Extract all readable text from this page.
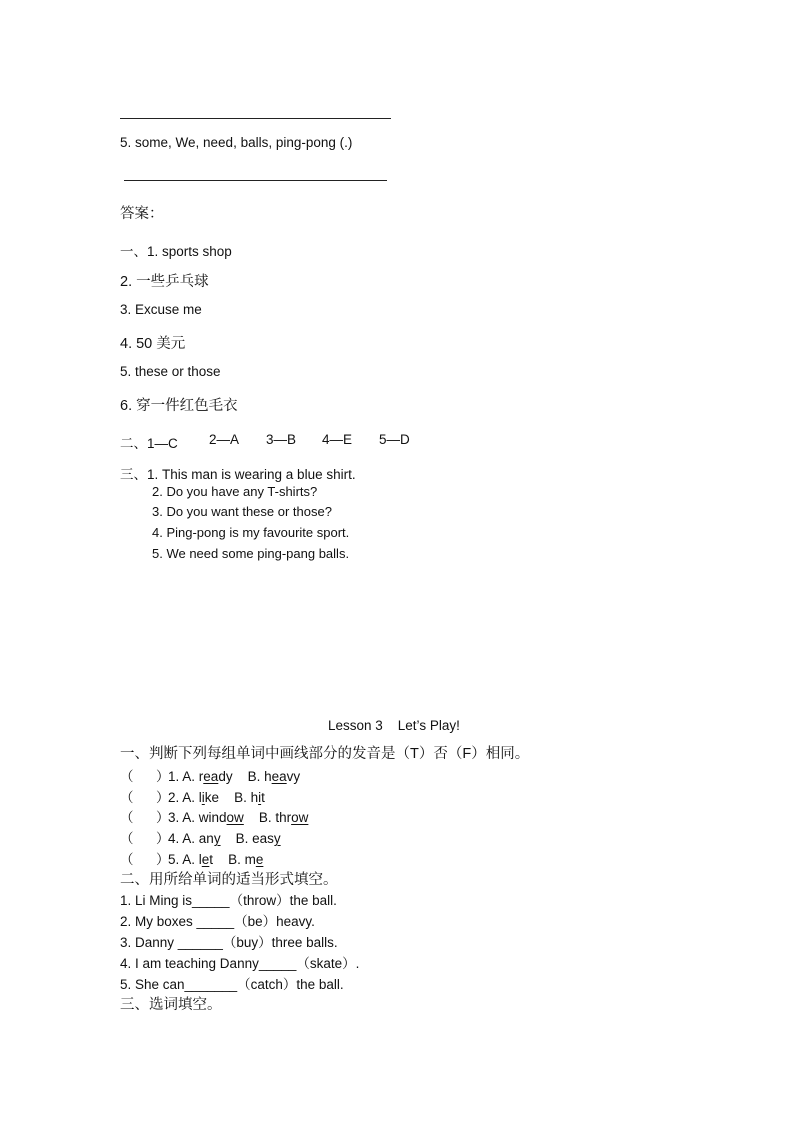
5. some, We, need, balls, ping-pong (.)
答案：
一、1. sports shop
2. 一些乒乓球
3. Excuse me
4. 50 美元
5. these or those
6. 穿一件红色毛衣
二、1—C 2—A 3—B 4—E 5—D
三、1. This man is wearing a blue shirt.
2. Do you have any T-shirts?
3. Do you want these or those?
4. Ping-pong is my favourite sport.
5. We need some ping-pang balls.
Lesson 3    Let’s Play!
一、判断下列每组单词中画线部分的发音是（T）否（F）相同。
（      ）1. A. ready B. heavy
（      ）2. A. like B. hit
（      ）3. A. window B. throw
（      ）4. A. any B. easy
（      ）5. A. let B. me
二、用所给单词的适当形式填空。
1. Li Ming is_____（throw）the ball.
2. My boxes _____（be）heavy.
3. Danny ______（buy）three balls.
4. I am teaching Danny_____（skate）.
5. She can_______（catch）the ball.
三、选词填空。
